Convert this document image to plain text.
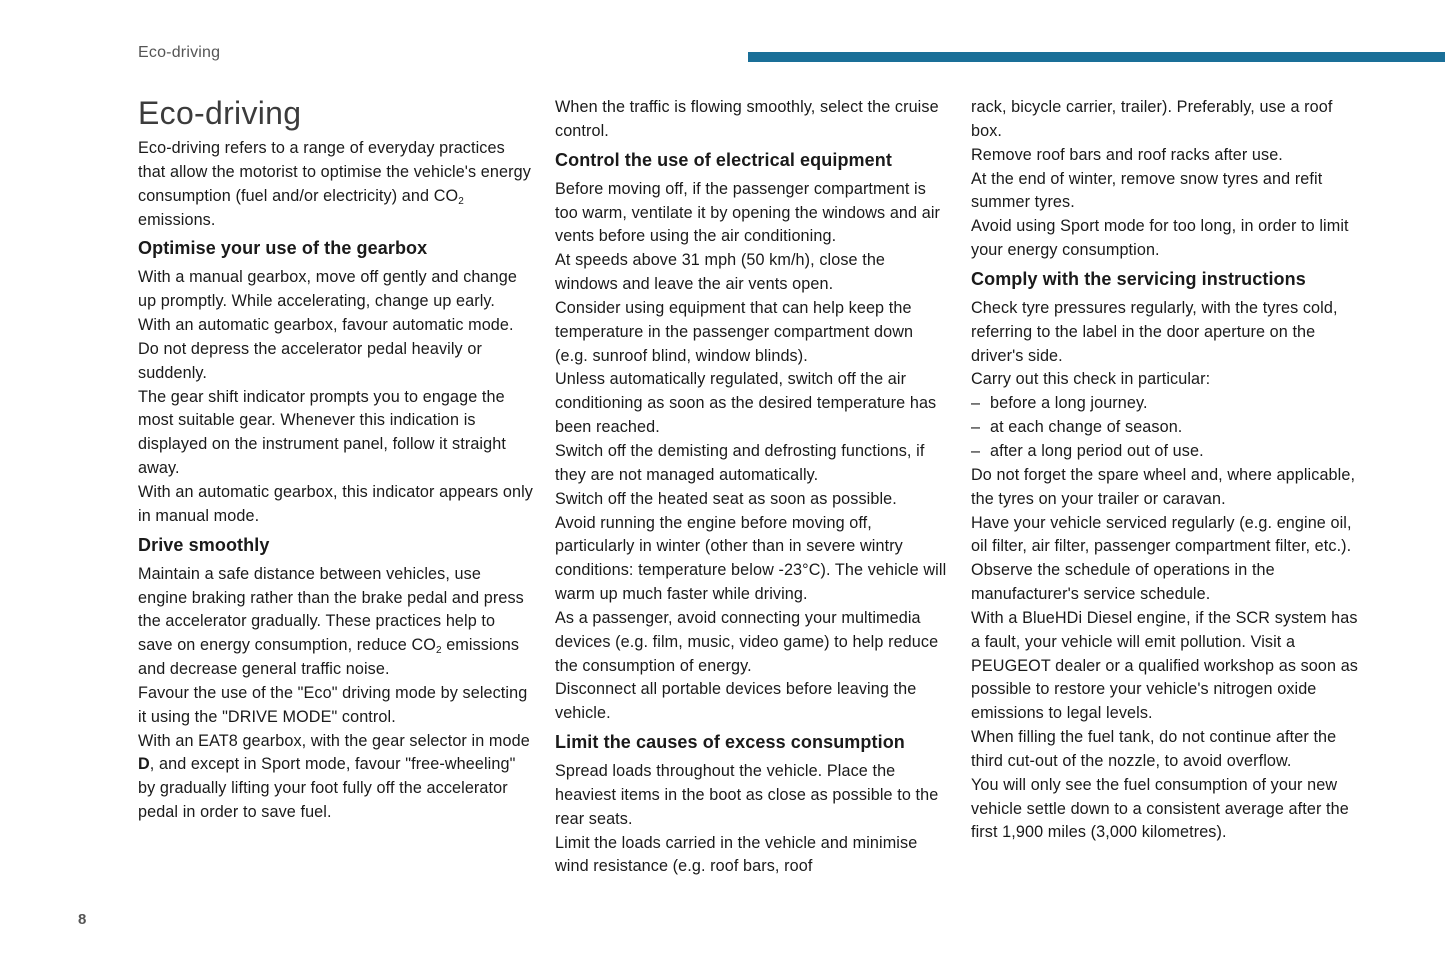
Eco-driving
Eco-driving

Eco-driving refers to a range of everyday practices that allow the motorist to optimise the vehicle's energy consumption (fuel and/or electricity) and $CO_2$ emissions.

Optimise your use of the gearbox

With a manual gearbox, move off gently and change up promptly. While accelerating, change up early.

With an automatic gearbox, favour automatic mode. Do not depress the accelerator pedal heavily or suddenly.

The gear shift indicator prompts you to engage the most suitable gear. Whenever this indication is displayed on the instrument panel, follow it straight away.

With an automatic gearbox, this indicator appears only in manual mode.

Drive smoothly

Maintain a safe distance between vehicles, use engine braking rather than the brake pedal and press the accelerator gradually. These practices help to save on energy consumption, reduce $CO_2$ emissions and decrease general traffic noise.

Favour the use of the "Eco" driving mode by selecting it using the "DRIVE MODE" control.

With an EAT8 gearbox, with the gear selector in mode D, and except in Sport mode, favour "free-wheeling" by gradually lifting your foot fully off the accelerator pedal in order to save fuel.

When the traffic is flowing smoothly, select the cruise control.

Control the use of electrical equipment

Before moving off, if the passenger compartment is too warm, ventilate it by opening the windows and air vents before using the air conditioning.

At speeds above 31 mph (50 km/h), close the windows and leave the air vents open.

Consider using equipment that can help keep the temperature in the passenger compartment down (e.g. sunroof blind, window blinds).

Unless automatically regulated, switch off the air conditioning as soon as the desired temperature has been reached.

Switch off the demisting and defrosting functions, if they are not managed automatically.

Switch off the heated seat as soon as possible.

Avoid running the engine before moving off, particularly in winter (other than in severe wintry conditions: temperature below -23°C). The vehicle will warm up much faster while driving.

As a passenger, avoid connecting your multimedia devices (e.g. film, music, video game) to help reduce the consumption of energy.

Disconnect all portable devices before leaving the vehicle.

Limit the causes of excess consumption

Spread loads throughout the vehicle. Place the heaviest items in the boot as close as possible to the rear seats.

Limit the loads carried in the vehicle and minimise wind resistance (e.g. roof bars, roof

rack, bicycle carrier, trailer). Preferably, use a roof box.

Remove roof bars and roof racks after use.

At the end of winter, remove snow tyres and refit summer tyres.

Avoid using Sport mode for too long, in order to limit your energy consumption.

Comply with the servicing instructions

Check tyre pressures regularly, with the tyres cold, referring to the label in the door aperture on the driver's side.

Carry out this check in particular:

– before a long journey.
– at each change of season.
– after a long period out of use.

Do not forget the spare wheel and, where applicable, the tyres on your trailer or caravan.

Have your vehicle serviced regularly (e.g. engine oil, oil filter, air filter, passenger compartment filter, etc.). Observe the schedule of operations in the manufacturer's service schedule.

With a BlueHDi Diesel engine, if the SCR system has a fault, your vehicle will emit pollution. Visit a PEUGEOT dealer or a qualified workshop as soon as possible to restore your vehicle's nitrogen oxide emissions to legal levels.

When filling the fuel tank, do not continue after the third cut-out of the nozzle, to avoid overflow.

You will only see the fuel consumption of your new vehicle settle down to a consistent average after the first 1,900 miles (3,000 kilometres).

8
